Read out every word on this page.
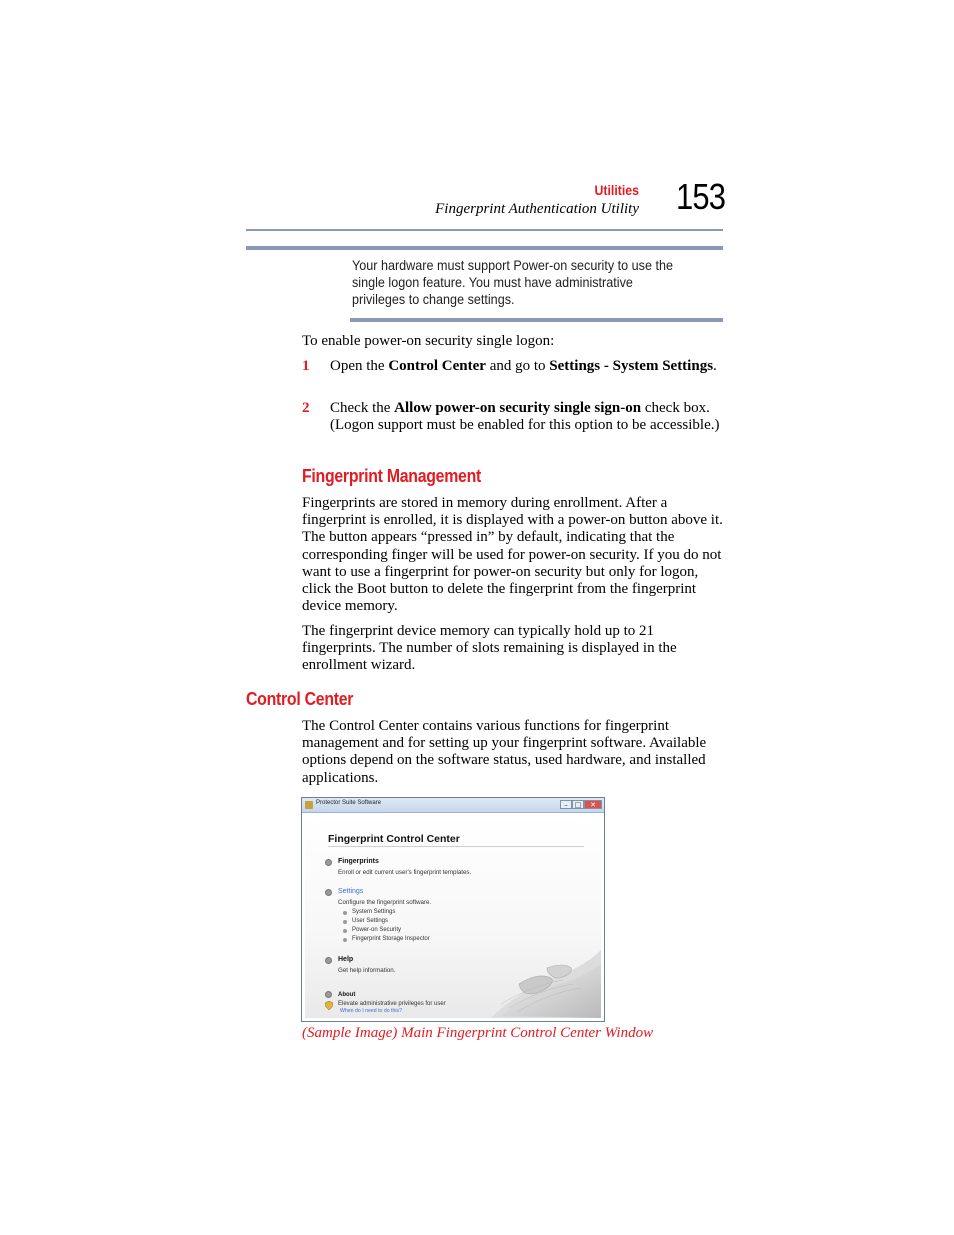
Utilities
Fingerprint Authentication Utility 153
Your hardware must support Power-on security to use the single logon feature. You must have administrative privileges to change settings.
To enable power-on security single logon:
1 Open the Control Center and go to Settings - System Settings.
2 Check the Allow power-on security single sign-on check box. (Logon support must be enabled for this option to be accessible.)
Fingerprint Management
Fingerprints are stored in memory during enrollment. After a fingerprint is enrolled, it is displayed with a power-on button above it. The button appears “pressed in” by default, indicating that the corresponding finger will be used for power-on security. If you do not want to use a fingerprint for power-on security but only for logon, click the Boot button to delete the fingerprint from the fingerprint device memory.
The fingerprint device memory can typically hold up to 21 fingerprints. The number of slots remaining is displayed in the enrollment wizard.
Control Center
The Control Center contains various functions for fingerprint management and for setting up your fingerprint software. Available options depend on the software status, used hardware, and installed applications.
Protector Suite Software	– □	✕
Fingerprint Control Center
Fingerprints
Enroll or edit current user's fingerprint templates.
Settings
Configure the fingerprint software.
System Settings
User Settings
Power-on Security
Fingerprint Storage Inspector
Help
Get help information.
About
Elevate administrative privileges for user
When do I need to do this?
(Sample Image) Main Fingerprint Control Center Window
